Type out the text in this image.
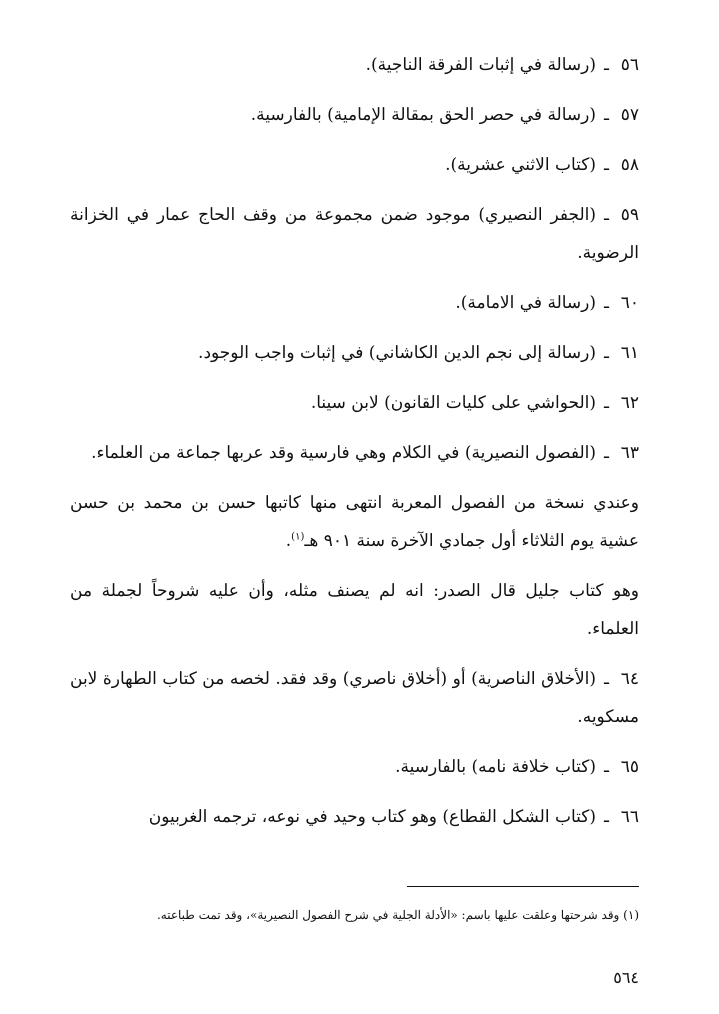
٥٦ـ(رسالة في إثبات الفرقة الناجية).

٥٧ـ(رسالة في حصر الحق بمقالة الإمامية) بالفارسية.

٥٨ـ(كتاب الاثني عشرية).

٥٩ـ(الجفر النصيري) موجود ضمن مجموعة من وقف الحاج عمار في الخزانة الرضوية.

٦٠ـ(رسالة في الامامة).

٦١ـ(رسالة إلى نجم الدين الكاشاني) في إثبات واجب الوجود.

٦٢ـ(الحواشي على كليات القانون) لابن سينا.

٦٣ـ(الفصول النصيرية) في الكلام وهي فارسية وقد عربها جماعة من العلماء.

وعندي نسخة من الفصول المعربة انتهى منها كاتبها حسن بن محمد بن حسن عشية يوم الثلاثاء أول جمادي الآخرة سنة ٩٠١ هـ$^{(١)}$.

وهو كتاب جليل قال الصدر: انه لم يصنف مثله، وأن عليه شروحاً لجملة من العلماء.

٦٤ـ(الأخلاق الناصرية) أو (أخلاق ناصري) وقد فقد. لخصه من كتاب الطهارة لابن مسكويه.

٦٥ـ(كتاب خلافة نامه) بالفارسية.

٦٦ـ(كتاب الشكل القطاع) وهو كتاب وحيد في نوعه، ترجمه الغربيون

(١) وقد شرحتها وعلقت عليها باسم: «الأدلة الجلية في شرح الفصول النصيرية»، وقد تمت طباعته.
٥٦٤
